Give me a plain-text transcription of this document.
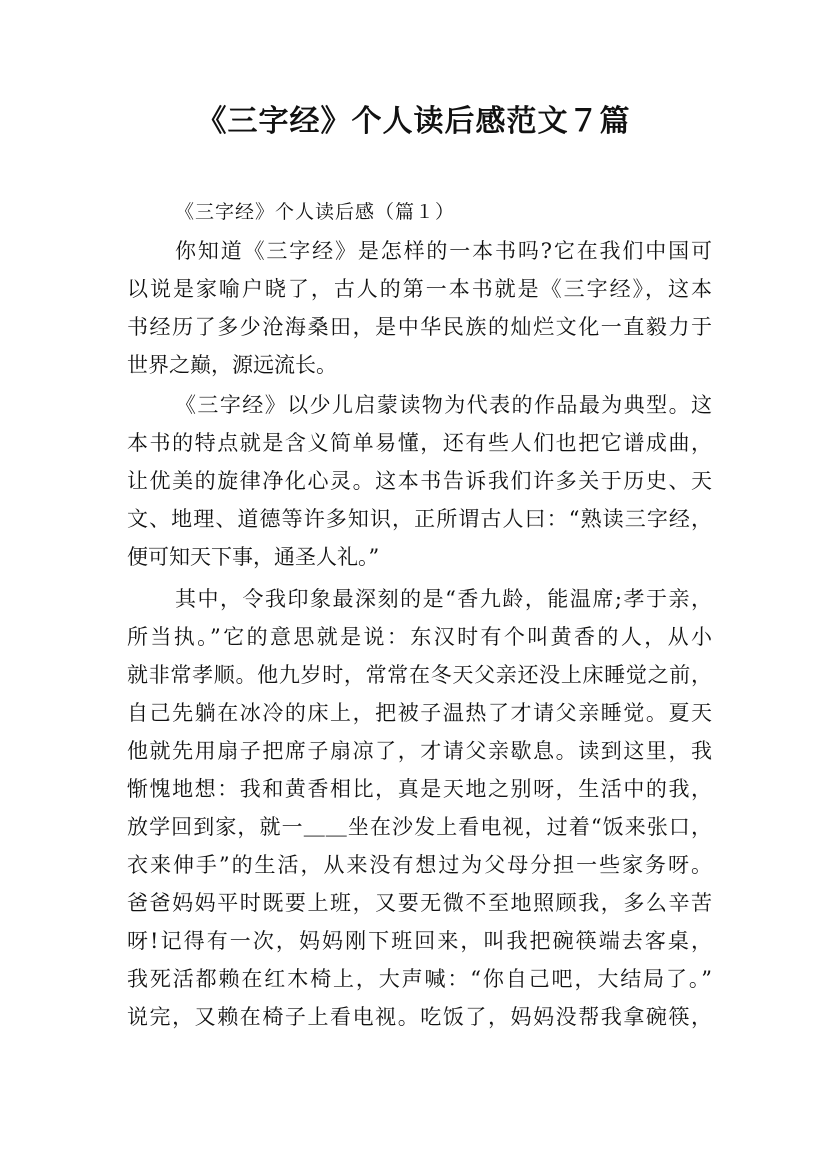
《三字经》个人读后感范文７篇
《三字经》个人读后感（篇１）
你知道《三字经》是怎样的一本书吗?它在我们中国可
以说是家喻户晓了，古人的第一本书就是《三字经》，这本
书经历了多少沧海桑田，是中华民族的灿烂文化一直毅力于
世界之巅，源远流长。
《三字经》以少儿启蒙读物为代表的作品最为典型。这
本书的特点就是含义简单易懂，还有些人们也把它谱成曲，
让优美的旋律净化心灵。这本书告诉我们许多关于历史、天
文、地理、道德等许多知识，正所谓古人曰：“熟读三字经，
便可知天下事，通圣人礼。”
其中，令我印象最深刻的是“香九龄，能温席;孝于亲，
所当执。”它的意思就是说：东汉时有个叫黄香的人，从小
就非常孝顺。他九岁时，常常在冬天父亲还没上床睡觉之前，
自己先躺在冰冷的床上，把被子温热了才请父亲睡觉。夏天
他就先用扇子把席子扇凉了，才请父亲歇息。读到这里，我
惭愧地想：我和黄香相比，真是天地之别呀，生活中的我，
放学回到家，就一＿＿坐在沙发上看电视，过着“饭来张口，
衣来伸手”的生活，从来没有想过为父母分担一些家务呀。
爸爸妈妈平时既要上班，又要无微不至地照顾我，多么辛苦
呀!记得有一次，妈妈刚下班回来，叫我把碗筷端去客桌，
我死活都赖在红木椅上，大声喊：“你自己吧，大结局了。”
说完，又赖在椅子上看电视。吃饭了，妈妈没帮我拿碗筷，
